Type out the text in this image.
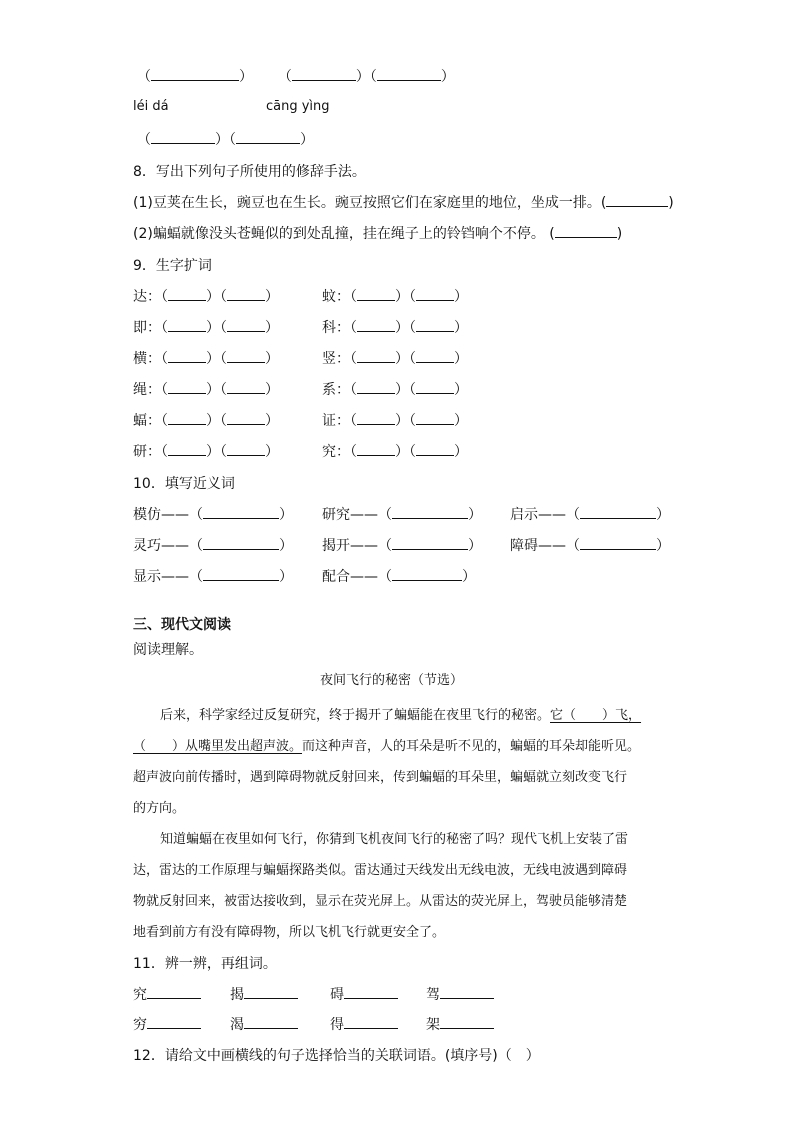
（	） （	）（	）
léi dá	cāng yìng
（	）（	）
8．写出下列句子所使用的修辞手法。
(1)豆荚在生长，豌豆也在生长。豌豆按照它们在家庭里的地位，坐成一排。(	)
(2)蝙蝠就像没头苍蝇似的到处乱撞，挂在绳子上的铃铛响个不停。 (	)
9．生字扩词
达：（	）（	）	蚊：（	）（	）
即：（	）（	）	科：（	）（	）
横：（	）（	）	竖：（	）（	）
绳：（	）（	）	系：（	）（	）
蝠：（	）（	）	证：（	）（	）
研：（	）（	）	究：（	）（	）
10．填写近义词
模仿——（	） 研究——（	） 启示——（	）
灵巧——（	） 揭开——（	） 障碍——（	）
显示——（	） 配合——（	）
三、现代文阅读
阅读理解。
夜间飞行的秘密（节选）
后来，科学家经过反复研究，终于揭开了蝙蝠能在夜里飞行的秘密。它（　　）飞，
（　　）从嘴里发出超声波。而这种声音，人的耳朵是听不见的，蝙蝠的耳朵却能听见。
超声波向前传播时，遇到障碍物就反射回来，传到蝙蝠的耳朵里，蝙蝠就立刻改变飞行
的方向。
知道蝙蝠在夜里如何飞行，你猜到飞机夜间飞行的秘密了吗？现代飞机上安装了雷
达，雷达的工作原理与蝙蝠探路类似。雷达通过天线发出无线电波，无线电波遇到障碍
物就反射回来，被雷达接收到，显示在荧光屏上。从雷达的荧光屏上，驾驶员能够清楚
地看到前方有没有障碍物，所以飞机飞行就更安全了。
11．辨一辨，再组词。
究	揭	碍	驾
穷	渴	得	架
12．请给文中画横线的句子选择恰当的关联词语。(填序号)（　）
